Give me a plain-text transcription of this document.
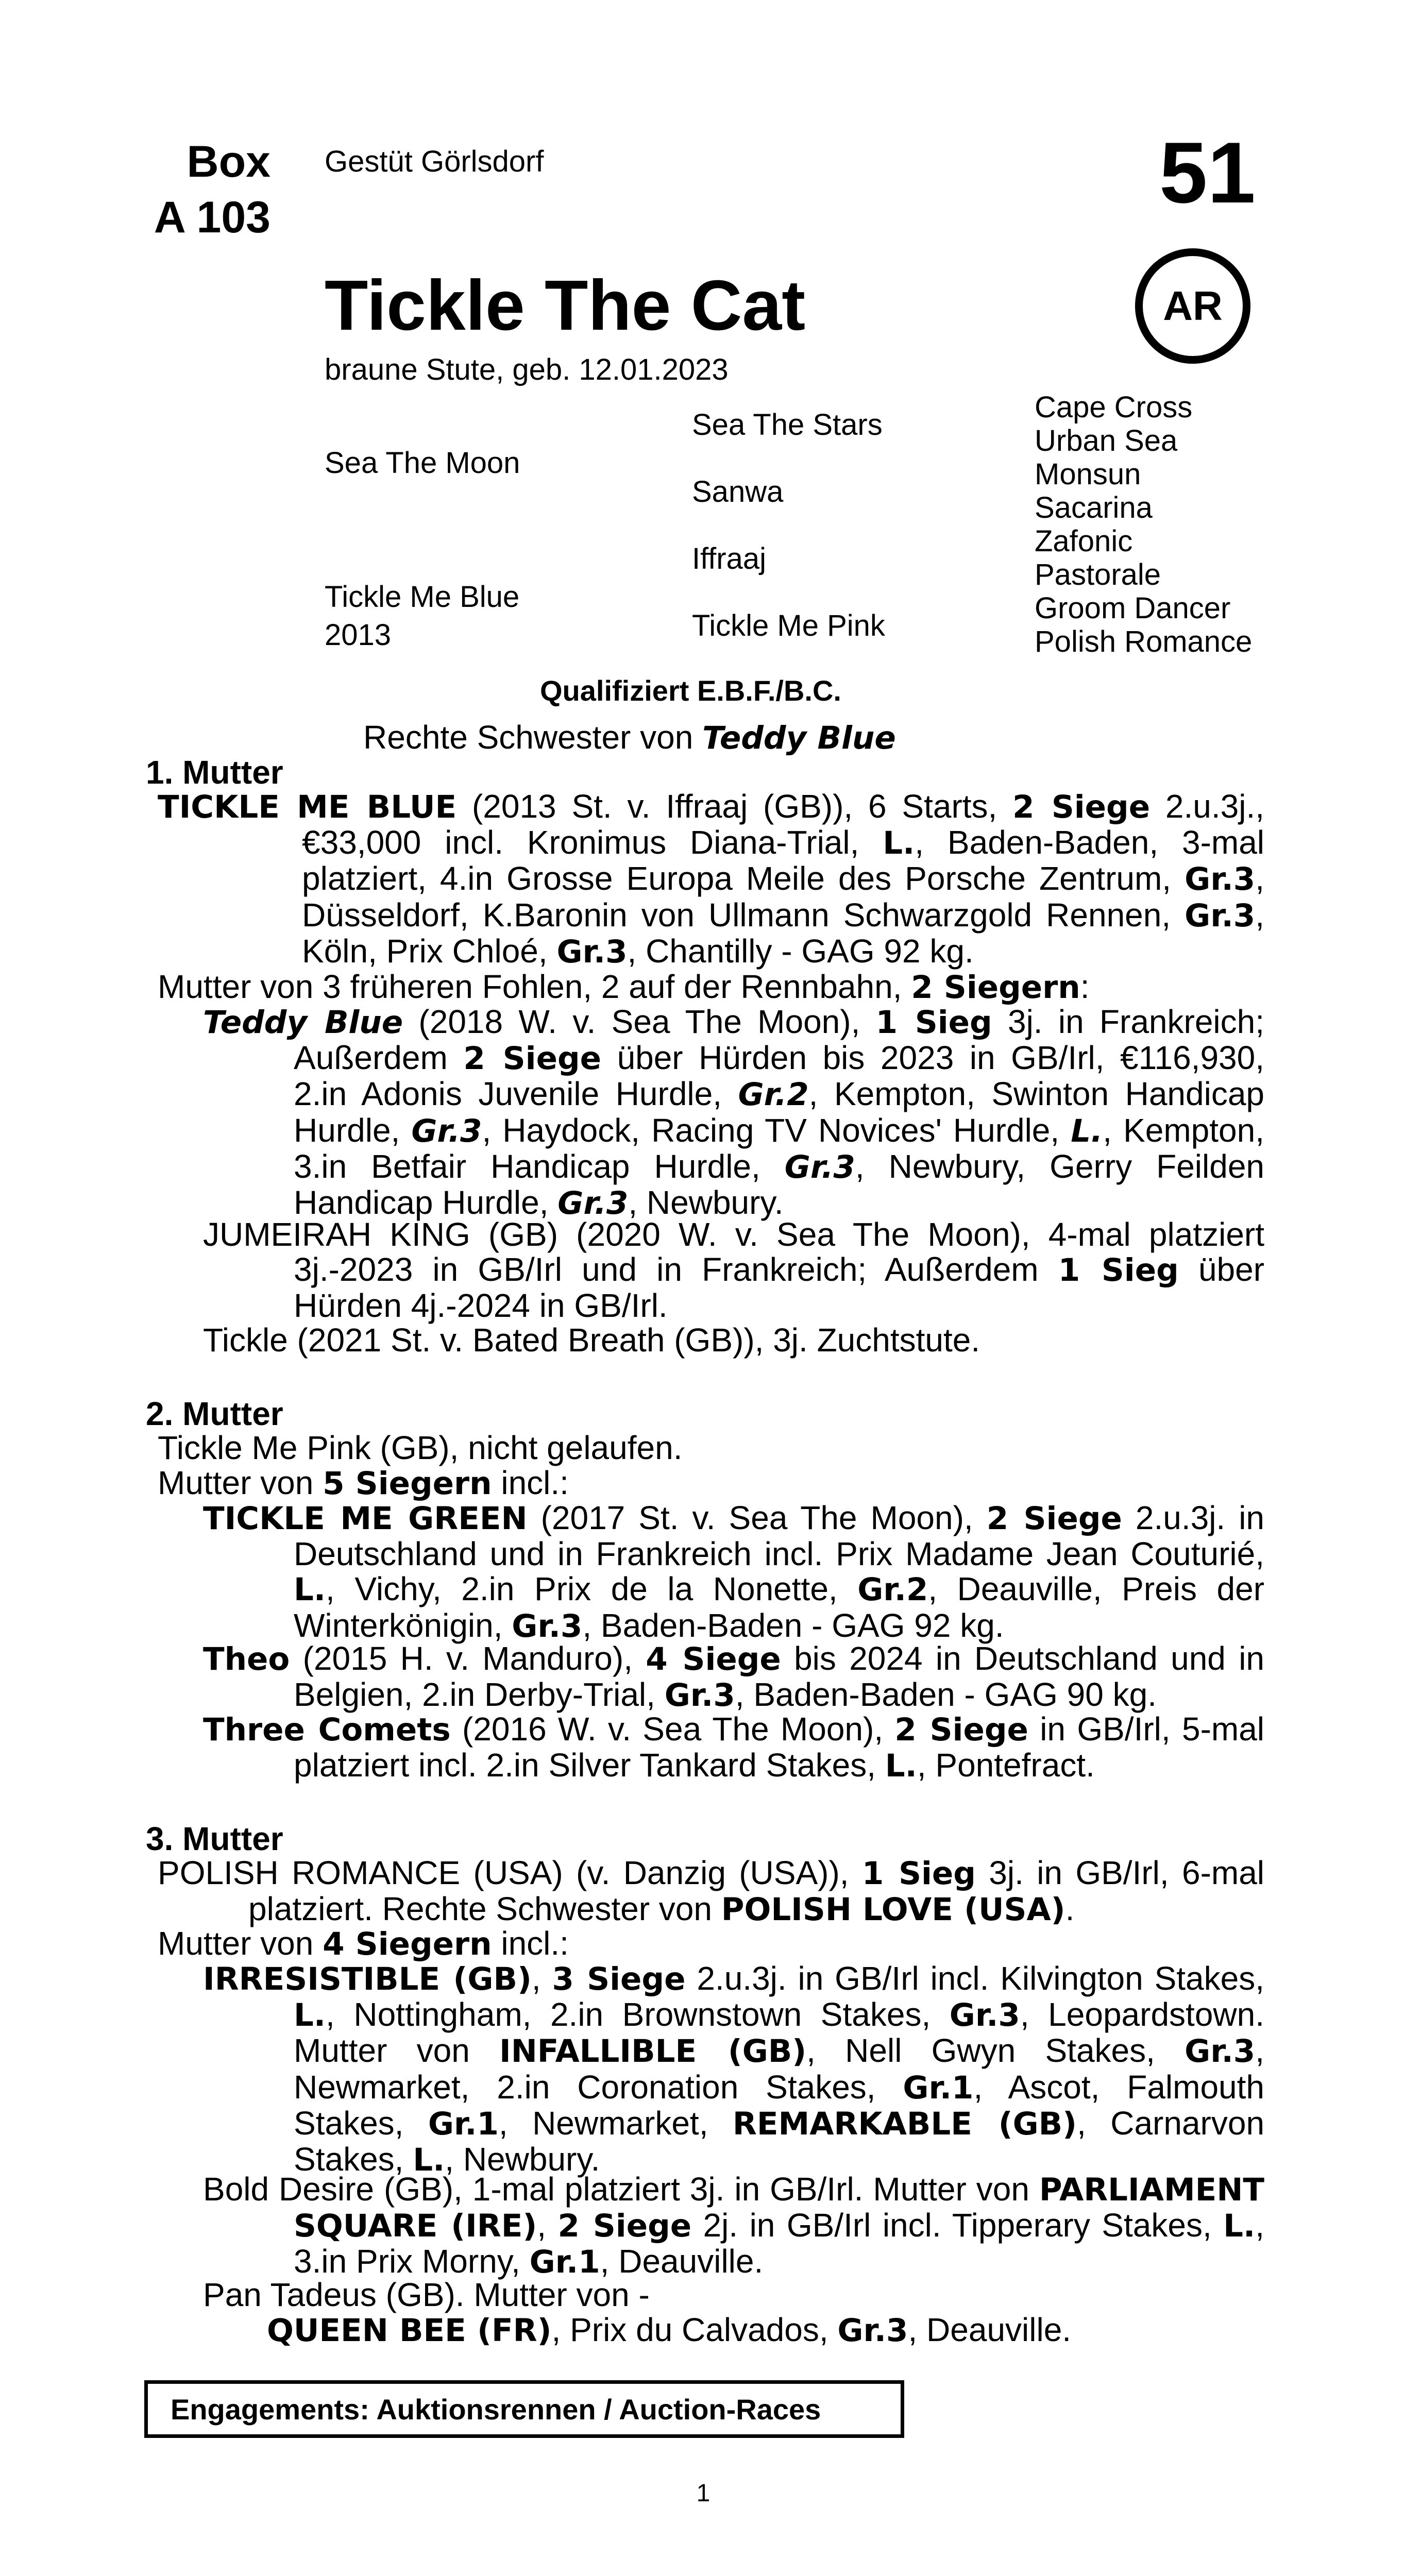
Box
A 103
Gestüt Görlsdorf	51
AR
Tickle The Cat
braune Stute, geb. 12.01.2023
Sea The Moon
Tickle Me Blue
2013
Sea The Stars
Sanwa
Iffraaj
Tickle Me Pink
Cape Cross
Urban Sea
Monsun
Sacarina
Zafonic
Pastorale
Groom Dancer
Polish Romance
Qualifiziert E.B.F./B.C.
Rechte Schwester von Teddy Blue
1. Mutter
TICKLE ME BLUE (2013 St. v. Iffraaj (GB)), 6 Starts, 2 Siege 2.u.3j., €33,000 incl. Kronimus Diana-Trial, L., Baden-Baden, 3-mal platziert, 4.in Grosse Europa Meile des Porsche Zentrum, Gr.3, Düsseldorf, K.Baronin von Ullmann Schwarzgold Rennen, Gr.3, Köln, Prix Chloé, Gr.3, Chantilly - GAG 92 kg.
Mutter von 3 früheren Fohlen, 2 auf der Rennbahn, 2 Siegern:
Teddy Blue (2018 W. v. Sea The Moon), 1 Sieg 3j. in Frankreich; Außerdem 2 Siege über Hürden bis 2023 in GB/Irl, €116,930, 2.in Adonis Juvenile Hurdle, Gr.2, Kempton, Swinton Handicap Hurdle, Gr.3, Haydock, Racing TV Novices' Hurdle, L., Kempton, 3.in Betfair Handicap Hurdle, Gr.3, Newbury, Gerry Feilden Handicap Hurdle, Gr.3, Newbury.
JUMEIRAH KING (GB) (2020 W. v. Sea The Moon), 4-mal platziert 3j.-2023 in GB/Irl und in Frankreich; Außerdem 1 Sieg über Hürden 4j.-2024 in GB/Irl.
Tickle (2021 St. v. Bated Breath (GB)), 3j. Zuchtstute.
2. Mutter
Tickle Me Pink (GB), nicht gelaufen.
Mutter von 5 Siegern incl.:
TICKLE ME GREEN (2017 St. v. Sea The Moon), 2 Siege 2.u.3j. in Deutschland und in Frankreich incl. Prix Madame Jean Couturié, L., Vichy, 2.in Prix de la Nonette, Gr.2, Deauville, Preis der Winterkönigin, Gr.3, Baden-Baden - GAG 92 kg.
Theo (2015 H. v. Manduro), 4 Siege bis 2024 in Deutschland und in Belgien, 2.in Derby-Trial, Gr.3, Baden-Baden - GAG 90 kg.
Three Comets (2016 W. v. Sea The Moon), 2 Siege in GB/Irl, 5-mal platziert incl. 2.in Silver Tankard Stakes, L., Pontefract.
3. Mutter
POLISH ROMANCE (USA) (v. Danzig (USA)), 1 Sieg 3j. in GB/Irl, 6-mal platziert. Rechte Schwester von POLISH LOVE (USA).
Mutter von 4 Siegern incl.:
IRRESISTIBLE (GB), 3 Siege 2.u.3j. in GB/Irl incl. Kilvington Stakes, L., Nottingham, 2.in Brownstown Stakes, Gr.3, Leopardstown. Mutter von INFALLIBLE (GB), Nell Gwyn Stakes, Gr.3, Newmarket, 2.in Coronation Stakes, Gr.1, Ascot, Falmouth Stakes, Gr.1, Newmarket, REMARKABLE (GB), Carnarvon Stakes, L., Newbury.
Bold Desire (GB), 1-mal platziert 3j. in GB/Irl. Mutter von PARLIAMENT SQUARE (IRE), 2 Siege 2j. in GB/Irl incl. Tipperary Stakes, L., 3.in Prix Morny, Gr.1, Deauville.
Pan Tadeus (GB). Mutter von -
QUEEN BEE (FR), Prix du Calvados, Gr.3, Deauville.
Engagements: Auktionsrennen / Auction-Races
1
